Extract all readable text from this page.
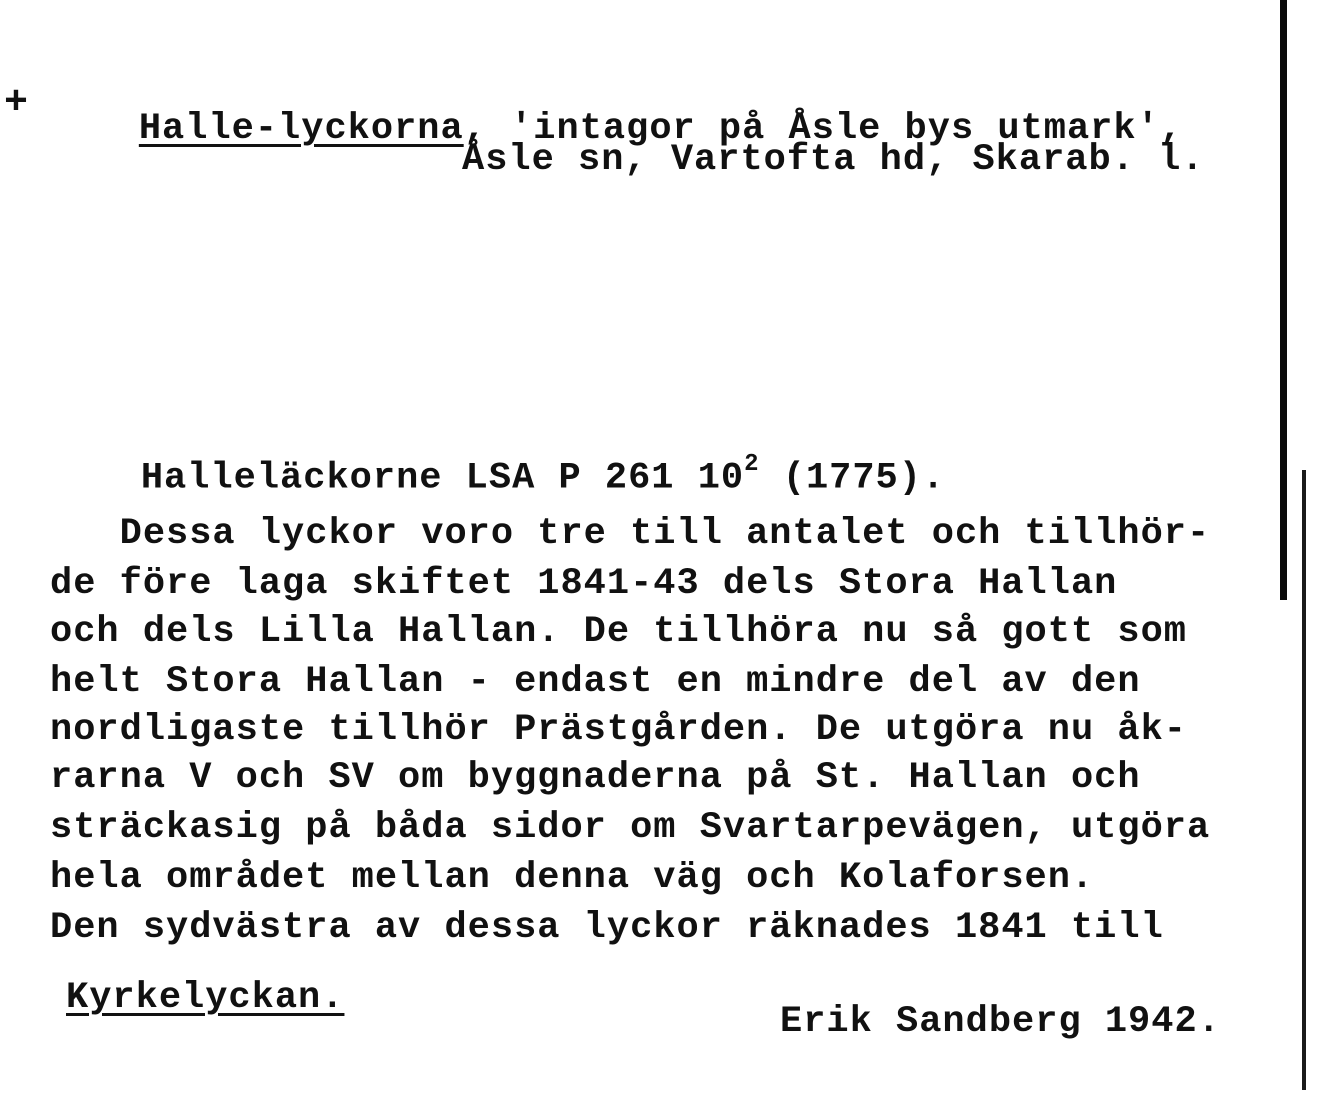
+

Halle-lyckorna, 'intagor på Åsle bys utmark',

Åsle sn, Vartofta hd, Skarab. l.

Halleläckorne LSA P 261 $10^2$ (1775).

Dessa lyckor voro tre till antalet och tillhör-
de före laga skiftet 1841-43 dels Stora Hallan
och dels Lilla Hallan. De tillhöra nu så gott som
helt Stora Hallan - endast en mindre del av den
nordligaste tillhör Prästgården. De utgöra nu åk-
rarna V och SV om byggnaderna på St. Hallan och
sträckasig på båda sidor om Svartarpevägen, utgöra
hela området mellan denna väg och Kolaforsen.
Den sydvästra av dessa lyckor räknades 1841 till
Kyrkelyckan.
Erik Sandberg 1942.
